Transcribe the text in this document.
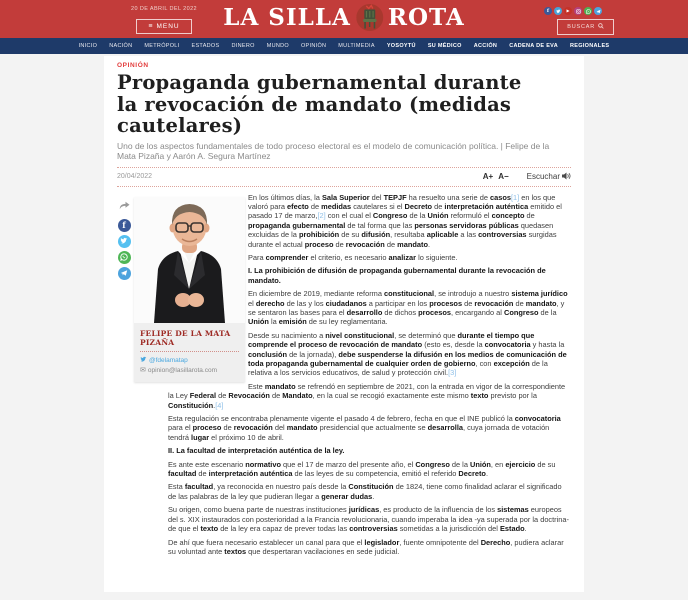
20 DE ABRIL DEL 2022
≡ MENU	LA SILLA ROTA	f	▶
BUSCAR
INICIO NACIÓN METRÓPOLI ESTADOS DINERO MUNDO OPINIÓN MULTIMEDIA YOSOYTÚ SU MÉDICO ACCIÓN CADENA DE EVA REGIONALES
OPINIÓN
Propaganda gubernamental durante la revocación de mandato (medidas cautelares)

Uno de los aspectos fundamentales de todo proceso electoral es el modelo de comunicación política. | Felipe de la Mata Pizaña y Aarón A. Segura Martínez

20/04/2022	A+ A− Escuchar
f
FELIPE DE LA MATA PIZAÑA
@fdelamatap
✉ opinion@lasillarota.com

En los últimos días, la Sala Superior del TEPJF ha resuelto una serie de casos[1] en los que valoró para efecto de medidas cautelares si el Decreto de interpretación auténtica emitido el pasado 17 de marzo,[2] con el cual el Congreso de la Unión reformuló el concepto de propaganda gubernamental de tal forma que las personas servidoras públicas quedasen excluidas de la prohibición de su difusión, resultaba aplicable a las controversias surgidas durante el actual proceso de revocación de mandato.

Para comprender el criterio, es necesario analizar lo siguiente.

I. La prohibición de difusión de propaganda gubernamental durante la revocación de mandato.

En diciembre de 2019, mediante reforma constitucional, se introdujo a nuestro sistema jurídico el derecho de las y los ciudadanos a participar en los procesos de revocación de mandato, y se sentaron las bases para el desarrollo de dichos procesos, encargando al Congreso de la Unión la emisión de su ley reglamentaria.

Desde su nacimiento a nivel constitucional, se determinó que durante el tiempo que comprende el proceso de revocación de mandato (esto es, desde la convocatoria y hasta la conclusión de la jornada), debe suspenderse la difusión en los medios de comunicación de toda propaganda gubernamental de cualquier orden de gobierno, con excepción de la relativa a los servicios educativos, de salud y protección civil.[3]

Este mandato se refrendó en septiembre de 2021, con la entrada en vigor de la correspondiente la Ley Federal de Revocación de Mandato, en la cual se recogió exactamente este mismo texto previsto por la Constitución.[4]

Esta regulación se encontraba plenamente vigente el pasado 4 de febrero, fecha en que el INE publicó la convocatoria para el proceso de revocación del mandato presidencial que actualmente se desarrolla, cuya jornada de votación tendrá lugar el próximo 10 de abril.

II. La facultad de interpretación auténtica de la ley.

Es ante este escenario normativo que el 17 de marzo del presente año, el Congreso de la Unión, en ejercicio de su facultad de interpretación auténtica de las leyes de su competencia, emitió el referido Decreto.

Esta facultad, ya reconocida en nuestro país desde la Constitución de 1824, tiene como finalidad aclarar el significado de las palabras de la ley que pudieran llegar a generar dudas.

Su origen, como buena parte de nuestras instituciones jurídicas, es producto de la influencia de los sistemas europeos del s. XIX instaurados con posterioridad a la Francia revolucionaria, cuando imperaba la idea -ya superada por la doctrina- de que el texto de la ley era capaz de prever todas las controversias sometidas a la jurisdicción del Estado.

De ahí que fuera necesario establecer un canal para que el legislador, fuente omnipotente del Derecho, pudiera aclarar su voluntad ante textos que despertaran vacilaciones en sede judicial.
